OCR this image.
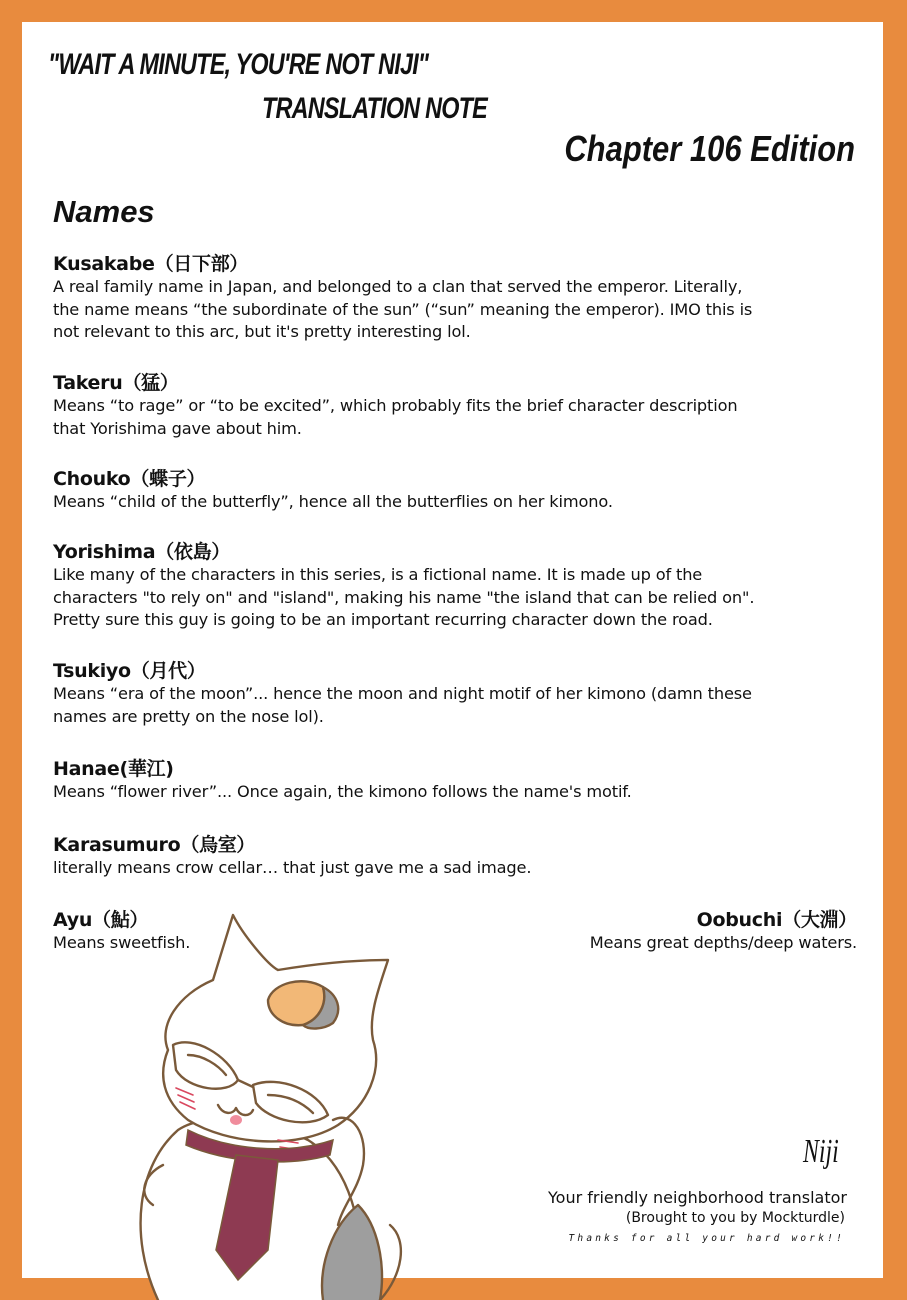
"WAIT A MINUTE, YOU'RE NOT NIJI"
TRANSLATION NOTE
Chapter 106 Edition
Names
Kusakabe（日下部）
A real family name in Japan, and belonged to a clan that served the emperor. Literally,
the name means “the subordinate of the sun” (“sun” meaning the emperor). IMO this is
not relevant to this arc, but it's pretty interesting lol.
Takeru（猛）
Means “to rage” or “to be excited”, which probably fits the brief character description
that Yorishima gave about him.
Chouko（蝶子）
Means “child of the butterfly”, hence all the butterflies on her kimono.
Yorishima（依島）
Like many of the characters in this series, is a fictional name. It is made up of the
characters "to rely on" and "island", making his name "the island that can be relied on".
Pretty sure this guy is going to be an important recurring character down the road.
Tsukiyo（月代）
Means “era of the moon”... hence the moon and night motif of her kimono (damn these
names are pretty on the nose lol).
Hanae(華江)
Means “flower river”... Once again, the kimono follows the name's motif.
Karasumuro（烏室）
literally means crow cellar… that just gave me a sad image.
Ayu（鮎）
Means sweetfish.
Oobuchi（大淵）
Means great depths/deep waters.
Niji
Your friendly neighborhood translator
(Brought to you by Mockturdle)
Thanks for all your hard work!!
